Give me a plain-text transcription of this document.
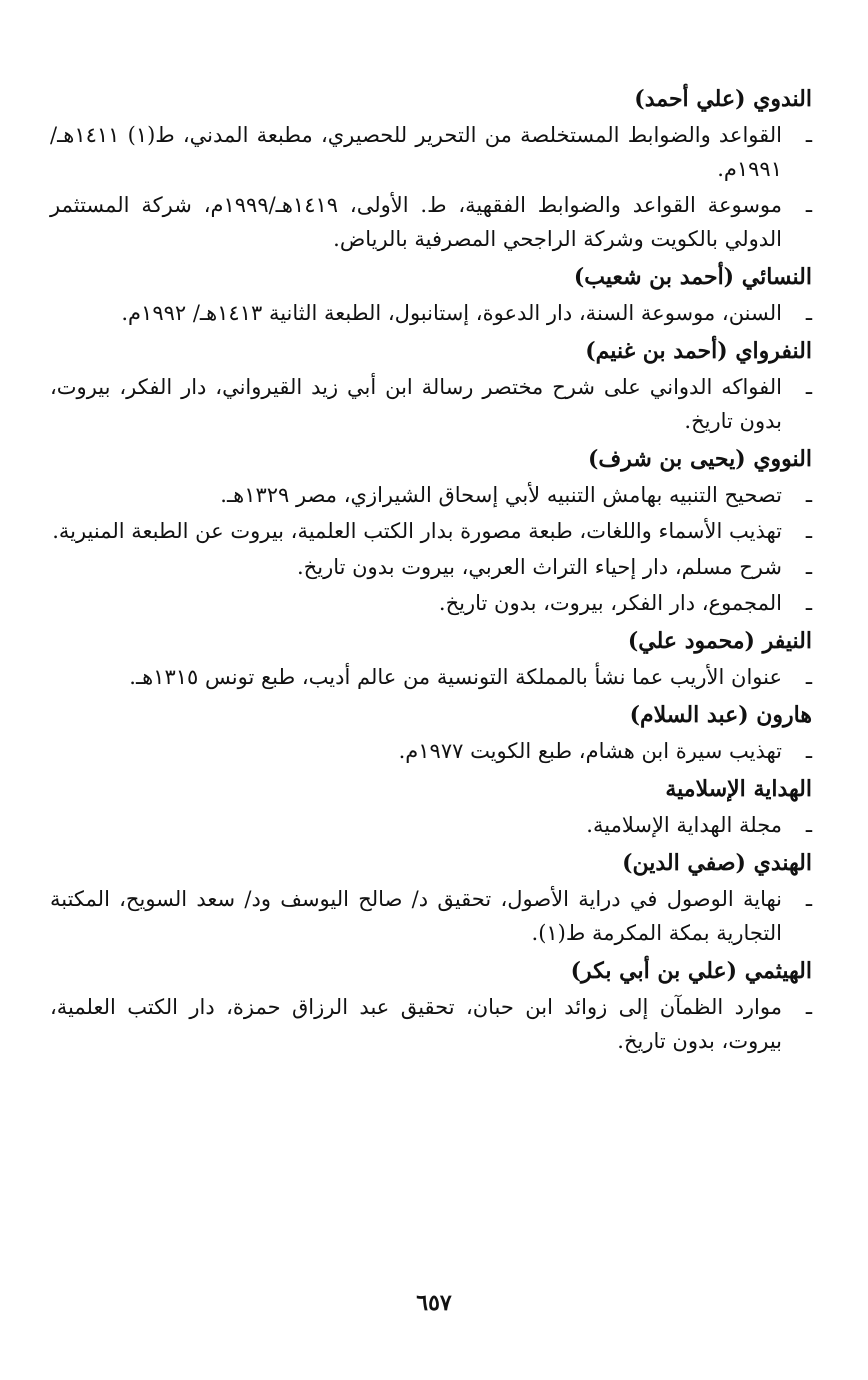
الندوي (علي أحمد)
ـ
القواعد والضوابط المستخلصة من التحرير للحصيري، مطبعة المدني، ط(١) ١٤١١هـ/١٩٩١م.
ـ
موسوعة القواعد والضوابط الفقهية، ط. الأولى، ١٤١٩هـ/١٩٩٩م، شركة المستثمر الدولي بالكويت وشركة الراجحي المصرفية بالرياض.
النسائي (أحمد بن شعيب)
ـ
السنن، موسوعة السنة، دار الدعوة، إستانبول، الطبعة الثانية ١٤١٣هـ/ ١٩٩٢م.
النفرواي (أحمد بن غنيم)
ـ
الفواكه الدواني على شرح مختصر رسالة ابن أبي زيد القيرواني، دار الفكر، بيروت، بدون تاريخ.
النووي (يحيى بن شرف)
ـ
تصحيح التنبيه بهامش التنبيه لأبي إسحاق الشيرازي، مصر ١٣٢٩هـ.
ـ
تهذيب الأسماء واللغات، طبعة مصورة بدار الكتب العلمية، بيروت عن الطبعة المنيرية.
ـ
شرح مسلم، دار إحياء التراث العربي، بيروت بدون تاريخ.
ـ
المجموع، دار الفكر، بيروت، بدون تاريخ.
النيفر (محمود علي)
ـ
عنوان الأريب عما نشأ بالمملكة التونسية من عالم أديب، طبع تونس ١٣١٥هـ.
هارون (عبد السلام)
ـ
تهذيب سيرة ابن هشام، طبع الكويت ١٩٧٧م.
الهداية الإسلامية
ـ
مجلة الهداية الإسلامية.
الهندي (صفي الدين)
ـ
نهاية الوصول في دراية الأصول، تحقيق د/ صالح اليوسف ود/ سعد السويح، المكتبة التجارية بمكة المكرمة ط(١).
الهيثمي (علي بن أبي بكر)
ـ
موارد الظمآن إلى زوائد ابن حبان، تحقيق عبد الرزاق حمزة، دار الكتب العلمية، بيروت، بدون تاريخ.
٦٥٧
